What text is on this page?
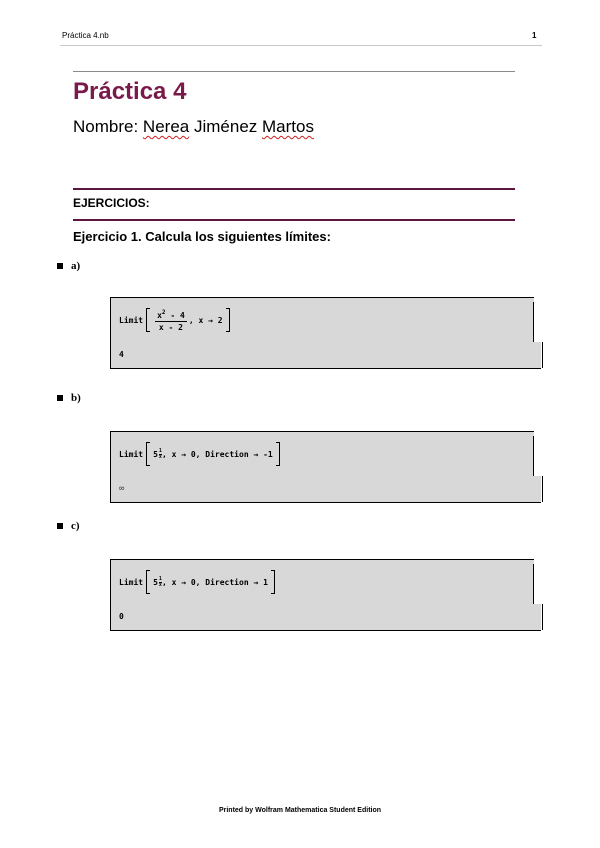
Práctica 4.nb	1
Práctica 4
Nombre: Nerea Jiménez Martos
EJERCICIOS:
Ejercicio 1. Calcula los siguientes límites:
a)
Limit $\frac{x^2 - 4}{x - 2}$ , x → 2
4
b)
Limit $5 \frac{1}{x}$ , x → 0, Direction → -1
∞
c)
Limit $5 \frac{1}{x}$ , x → 0, Direction → 1
0
Printed by Wolfram Mathematica Student Edition
